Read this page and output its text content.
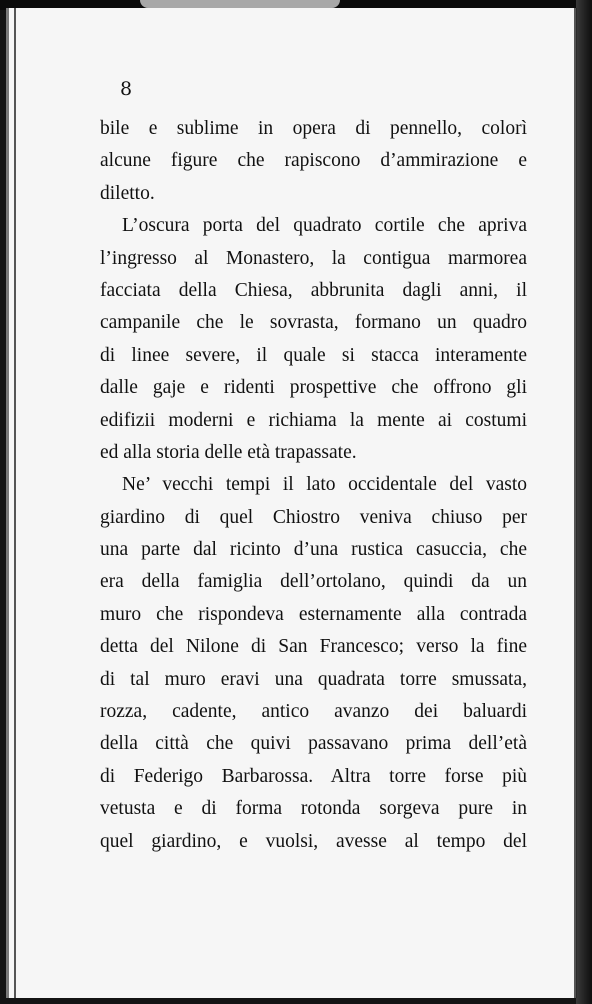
8
bile e sublime in opera di pennello, colorì
alcune figure che rapiscono d’ammirazione e
diletto.
L’oscura porta del quadrato cortile che apriva
l’ingresso al Monastero, la contigua marmorea
facciata della Chiesa, abbrunita dagli anni, il
campanile che le sovrasta, formano un quadro
di linee severe, il quale si stacca interamente
dalle gaje e ridenti prospettive che offrono gli
edifizii moderni e richiama la mente ai costumi
ed alla storia delle età trapassate.
Ne’ vecchi tempi il lato occidentale del vasto
giardino di quel Chiostro veniva chiuso per
una parte dal ricinto d’una rustica casuccia, che
era della famiglia dell’ortolano, quindi da un
muro che rispondeva esternamente alla contrada
detta del Nilone di San Francesco; verso la fine
di tal muro eravi una quadrata torre smussata,
rozza, cadente, antico avanzo dei baluardi
della città che quivi passavano prima dell’età
di Federigo Barbarossa. Altra torre forse più
vetusta e di forma rotonda sorgeva pure in
quel giardino, e vuolsi, avesse al tempo del
